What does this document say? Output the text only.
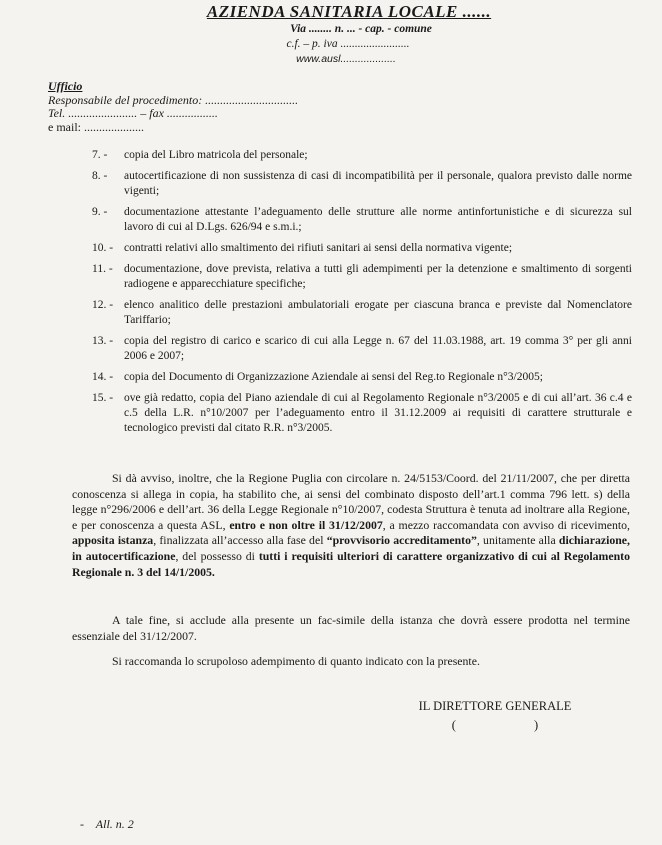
AZIENDA SANITARIA LOCALE ......
Via ........ n. ... - cap. - comune
c.f. – p. iva ........................
www.ausl...................
Ufficio
Responsabile del procedimento: ...............................
Tel. ....................... – fax .................
e mail: ....................
7. -	copia del Libro matricola del personale;
8. -	autocertificazione di non sussistenza di casi di incompatibilità per il personale, qualora previsto dalle norme vigenti;
9. -	documentazione attestante l’adeguamento delle strutture alle norme antinfortunistiche e di sicurezza sul lavoro di cui al D.Lgs. 626/94 e s.m.i.;
10. - contratti relativi allo smaltimento dei rifiuti sanitari ai sensi della normativa vigente;
11. - documentazione, dove prevista, relativa a tutti gli adempimenti per la detenzione e smaltimento di sorgenti radiogene e apparecchiature specifiche;
12. - elenco analitico delle prestazioni ambulatoriali erogate per ciascuna branca e previste dal Nomenclatore Tariffario;
13. - copia del registro di carico e scarico di cui alla Legge n. 67 del 11.03.1988, art. 19 comma 3° per gli anni 2006 e 2007;
14. - copia del Documento di Organizzazione Aziendale ai sensi del Reg.to Regionale n°3/2005;
15. - ove già redatto, copia del Piano aziendale di cui al Regolamento Regionale n°3/2005 e di cui all’art. 36 c.4 e c.5 della L.R. n°10/2007 per l’adeguamento entro il 31.12.2009 ai requisiti di carattere strutturale e tecnologico previsti dal citato R.R. n°3/2005.
Si dà avviso, inoltre, che la Regione Puglia con circolare n. 24/5153/Coord. del 21/11/2007, che per diretta conoscenza si allega in copia, ha stabilito che, ai sensi del combinato disposto dell’art.1 comma 796 lett. s) della legge n°296/2006 e dell’art. 36 della Legge Regionale n°10/2007, codesta Struttura è tenuta ad inoltrare alla Regione, e per conoscenza a questa ASL, entro e non oltre il 31/12/2007, a mezzo raccomandata con avviso di ricevimento, apposita istanza, finalizzata all’accesso alla fase del “provvisorio accreditamento”, unitamente alla dichiarazione, in autocertificazione, del possesso di tutti i requisiti ulteriori di carattere organizzativo di cui al Regolamento Regionale n. 3 del 14/1/2005.
A tale fine, si acclude alla presente un fac-simile della istanza che dovrà essere prodotta nel termine essenziale del 31/12/2007.
Si raccomanda lo scrupoloso adempimento di quanto indicato con la presente.
IL DIRETTORE GENERALE
(                         )
-    All. n. 2
